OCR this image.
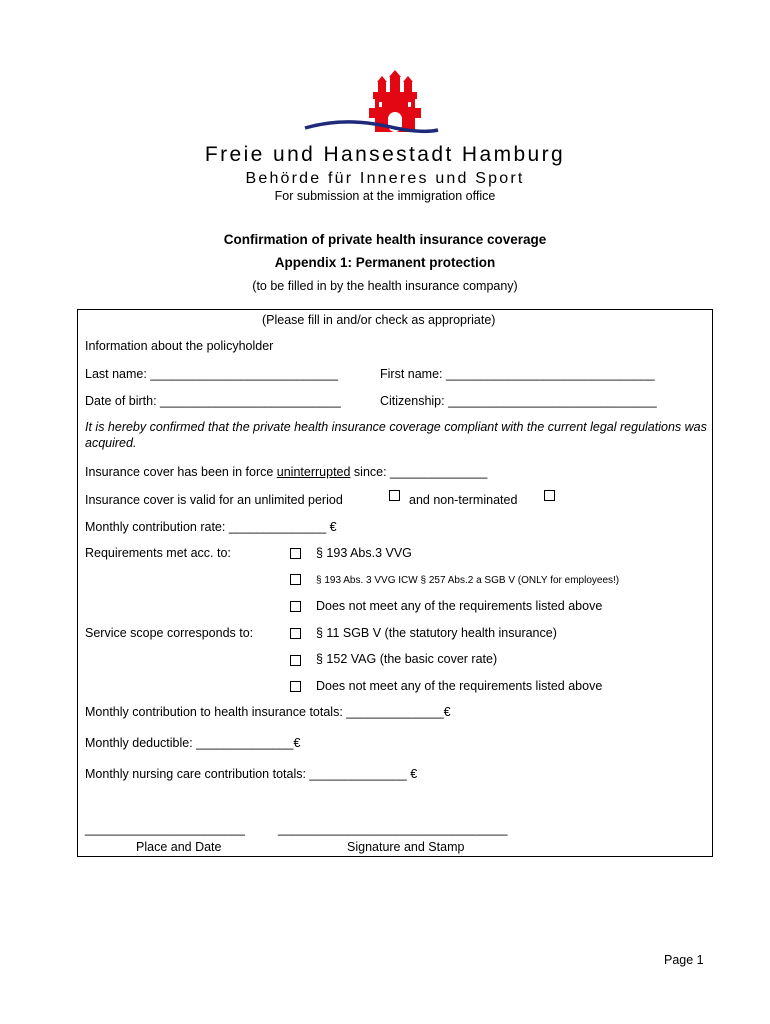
Freie und Hansestadt Hamburg
Behörde für Inneres und Sport
For submission at the immigration office
Confirmation of private health insurance coverage
Appendix 1: Permanent protection
(to be filled in by the health insurance company)
(Please fill in and/or check as appropriate)
Information about the policyholder
Last name: ___________________________	First name: ______________________________
Date of birth: __________________________	Citizenship: ______________________________
It is hereby confirmed that the private health insurance coverage compliant with the current legal regulations was acquired.
Insurance cover has been in force uninterrupted since: ______________
Insurance cover is valid for an unlimited period	and non-terminated
Monthly contribution rate: ______________ €
Requirements met acc. to:	§ 193 Abs.3 VVG
§ 193 Abs. 3 VVG ICW § 257 Abs.2 a SGB V (ONLY for employees!)
Does not meet any of the requirements listed above
Service scope corresponds to:	§ 11 SGB V (the statutory health insurance)
§ 152 VAG (the basic cover rate)
Does not meet any of the requirements listed above
Monthly contribution to health insurance totals: ______________€
Monthly deductible: ______________€
Monthly nursing care contribution totals: ______________ €
_______________________	_________________________________
Place and Date	Signature and Stamp
Page 1
